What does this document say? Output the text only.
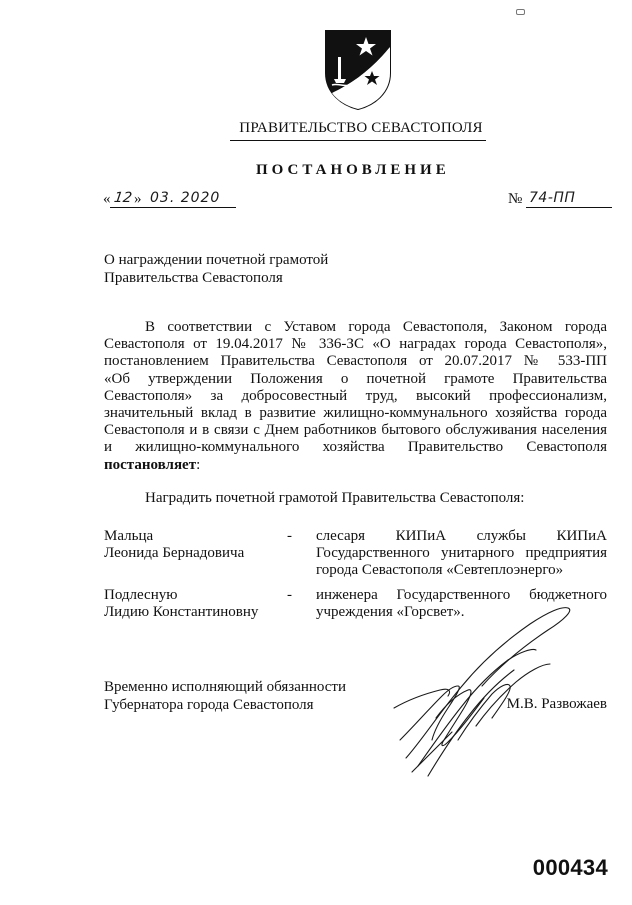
ПРАВИТЕЛЬСТВО СЕВАСТОПОЛЯ
ПОСТАНОВЛЕНИЕ
« 12 » 03. 2020	№ 74-ПП
О награждении почетной грамотой
Правительства Севастополя
В соответствии с Уставом города Севастополя, Законом города
Севастополя от 19.04.2017 № 336-ЗС «О наградах города Севастополя»,
постановлением Правительства Севастополя от 20.07.2017 № 533-ПП
«Об утверждении Положения о почетной грамоте Правительства
Севастополя» за добросовестный труд, высокий профессионализм,
значительный вклад в развитие жилищно-коммунального хозяйства города
Севастополя и в связи с Днем работников бытового обслуживания населения
и жилищно-коммунального хозяйства Правительство Севастополя
постановляет:
Наградить почетной грамотой Правительства Севастополя:
Мальца
Леонида Бернадовича
-	слесаря КИПиА службы КИПиА
Государственного унитарного предприятия
города Севастополя «Севтеплоэнерго»
Подлесную
Лидию Константиновну
-	инженера Государственного бюджетного
учреждения «Горсвет».
Временно исполняющий обязанности
Губернатора города Севастополя	М.В. Развожаев
000434
